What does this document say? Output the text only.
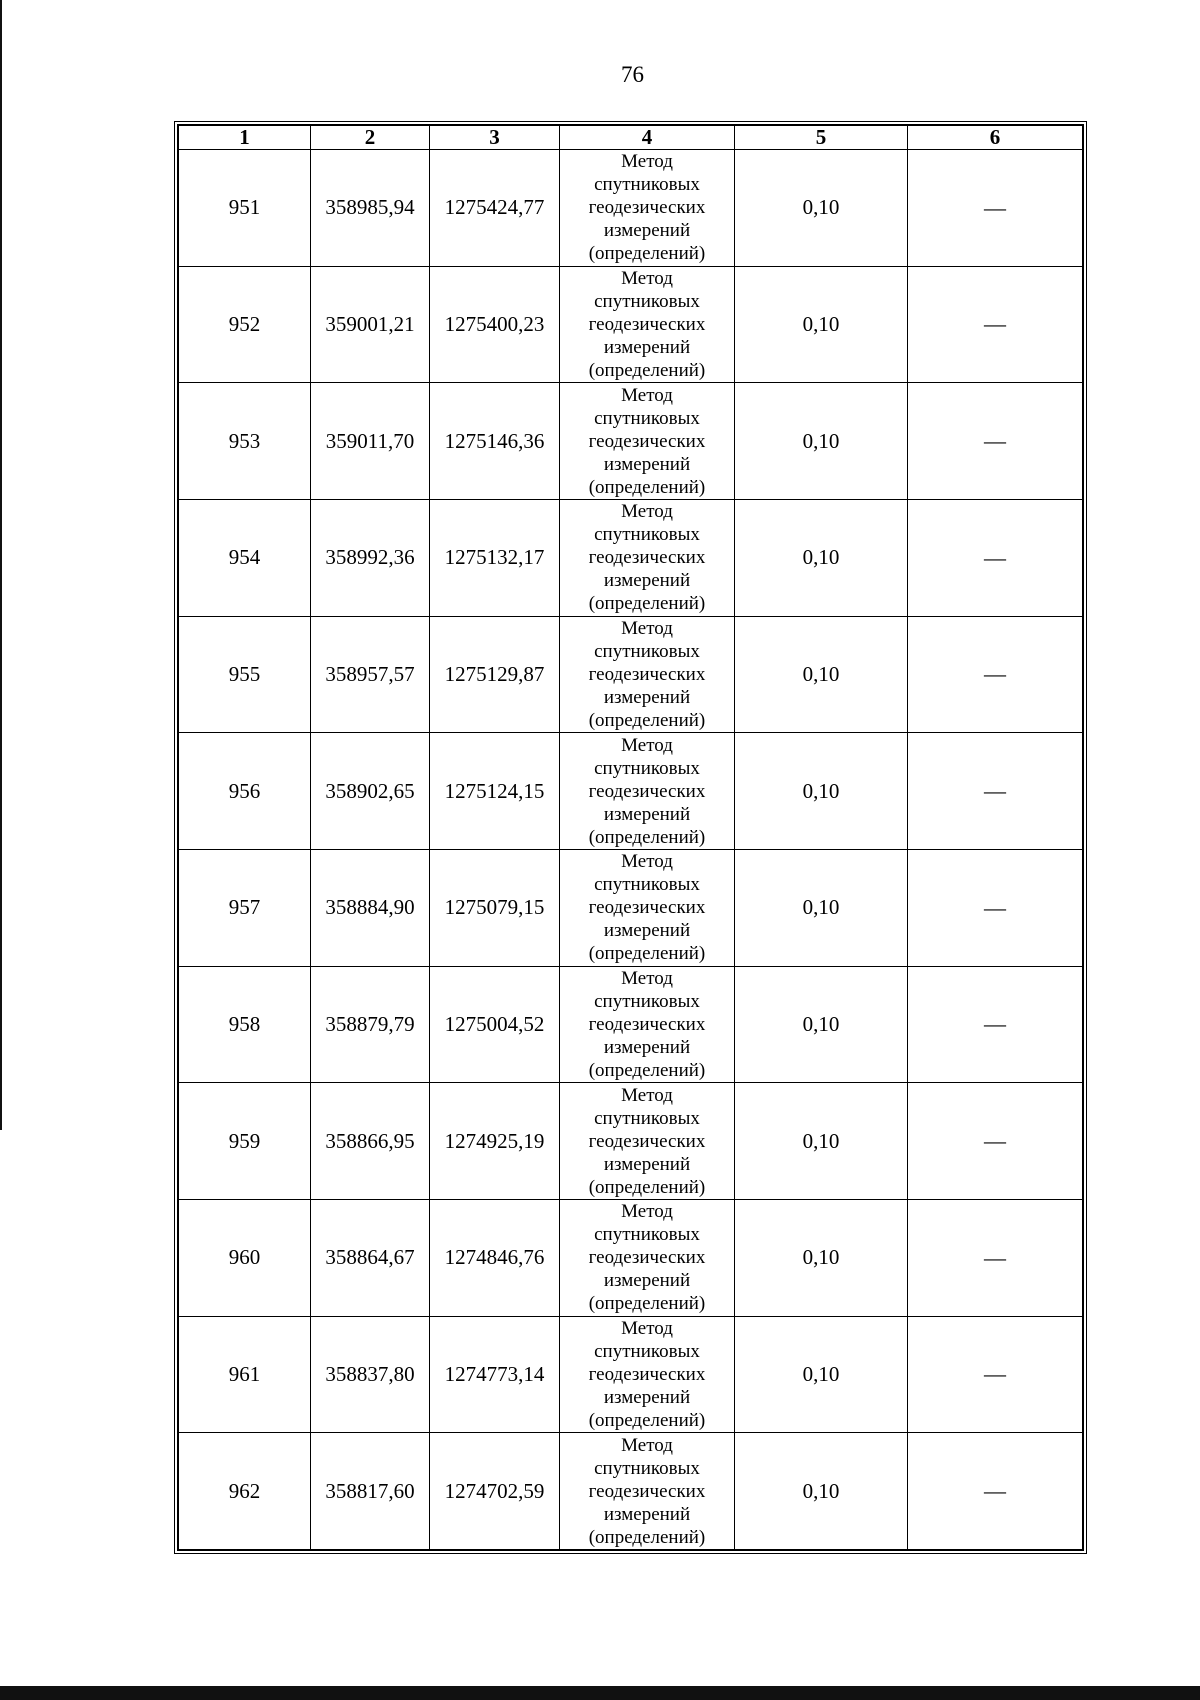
76
1	2	3	4	5	6
951	358985,94	1275424,77	Метод
спутниковых
геодезических
измерений
(определений)	0,10	—
952	359001,21	1275400,23	Метод
спутниковых
геодезических
измерений
(определений)	0,10	—
953	359011,70	1275146,36	Метод
спутниковых
геодезических
измерений
(определений)	0,10	—
954	358992,36	1275132,17	Метод
спутниковых
геодезических
измерений
(определений)	0,10	—
955	358957,57	1275129,87	Метод
спутниковых
геодезических
измерений
(определений)	0,10	—
956	358902,65	1275124,15	Метод
спутниковых
геодезических
измерений
(определений)	0,10	—
957	358884,90	1275079,15	Метод
спутниковых
геодезических
измерений
(определений)	0,10	—
958	358879,79	1275004,52	Метод
спутниковых
геодезических
измерений
(определений)	0,10	—
959	358866,95	1274925,19	Метод
спутниковых
геодезических
измерений
(определений)	0,10	—
960	358864,67	1274846,76	Метод
спутниковых
геодезических
измерений
(определений)	0,10	—
961	358837,80	1274773,14	Метод
спутниковых
геодезических
измерений
(определений)	0,10	—
962	358817,60	1274702,59	Метод
спутниковых
геодезических
измерений
(определений)	0,10	—
